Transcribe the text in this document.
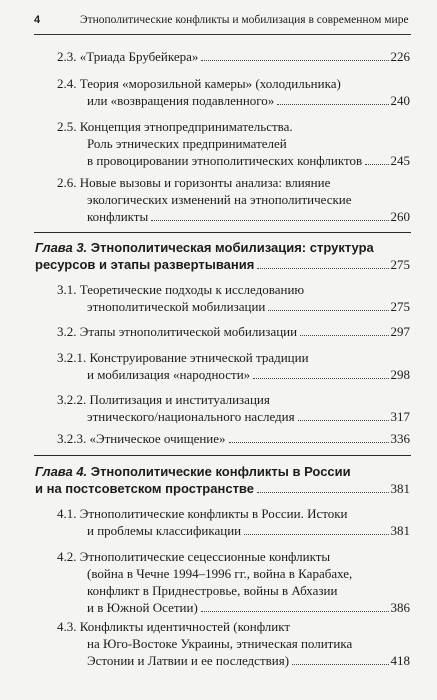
4	Этнополитические конфликты и мобилизация в современном мире
2.3. «Триада Брубейкера»	226
2.4. Теория «морозильной камеры» (холодильника)
или «возвращения подавленного»	240
2.5. Концепция этнопредпринимательства.
Роль этнических предпринимателей
в провоцировании этнополитических конфликтов 245
2.6. Новые вызовы и горизонты анализа: влияние
экологических изменений на этнополитические
конфликты	260
Глава 3. Этнополитическая мобилизация: структура
ресурсов и этапы развертывания	275
3.1. Теоретические подходы к исследованию
этнополитической мобилизации	275
3.2. Этапы этнополитической мобилизации	297
3.2.1. Конструирование этнической традиции
и мобилизация «народности»	298
3.2.2. Политизация и институализация
этнического/национального наследия	317
3.2.3. «Этническое очищение»	336
Глава 4. Этнополитические конфликты в России
и на постсоветском пространстве	381
4.1. Этнополитические конфликты в России. Истоки
и проблемы классификации	381
4.2. Этнополитические сецессионные конфликты
(война в Чечне 1994–1996 гг., война в Карабахе,
конфликт в Приднестровье, войны в Абхазии
и в Южной Осетии)	386
4.3. Конфликты идентичностей (конфликт
на Юго-Востоке Украины, этническая политика
Эстонии и Латвии и ее последствия)	418
